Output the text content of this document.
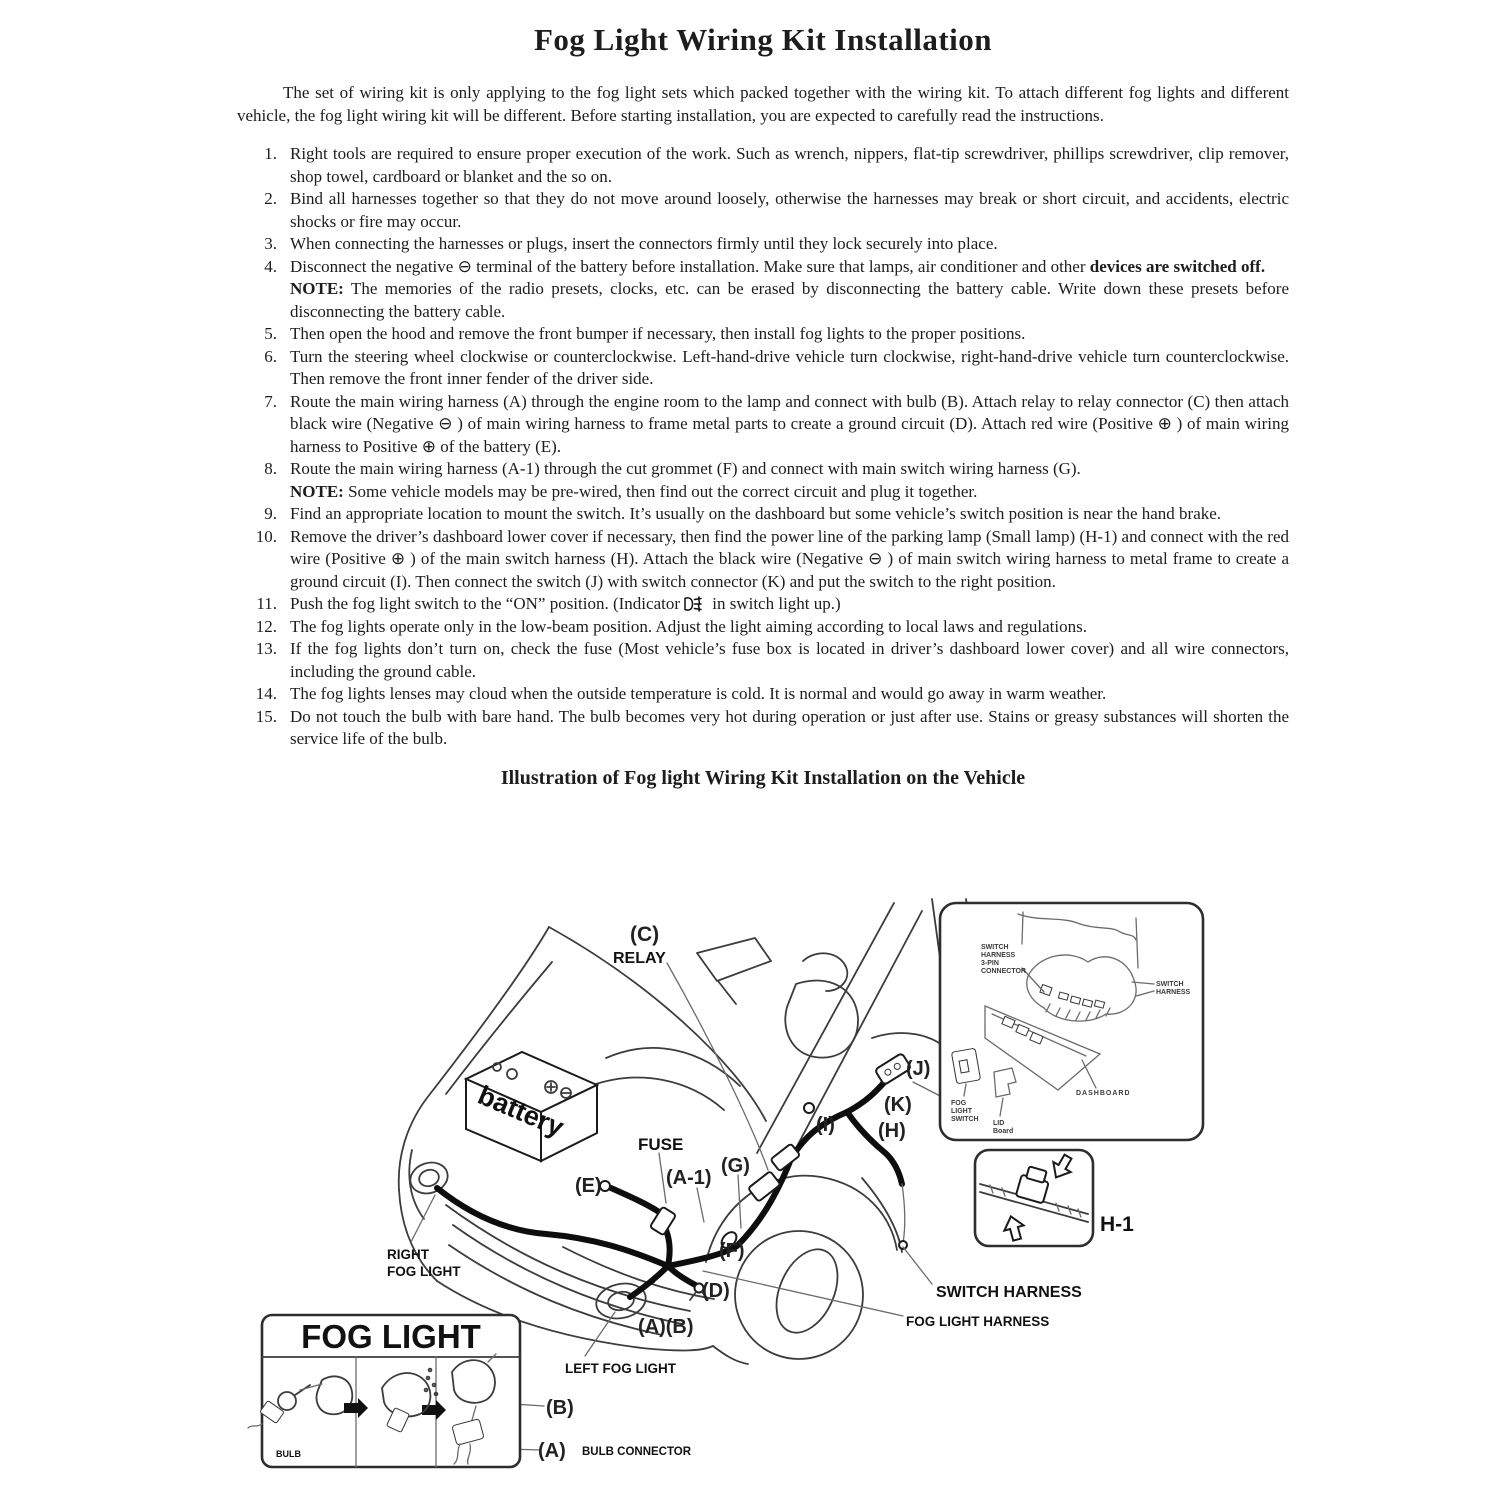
Fog Light Wiring Kit Installation

The set of wiring kit is only applying to the fog light sets which packed together with the wiring kit. To attach different fog lights and different vehicle, the fog light wiring kit will be different. Before starting installation, you are expected to carefully read the instructions.

1. Right tools are required to ensure proper execution of the work. Such as wrench, nippers, flat-tip screwdriver, phillips screwdriver, clip remover, shop towel, cardboard or blanket and the so on.
2. Bind all harnesses together so that they do not move around loosely, otherwise the harnesses may break or short circuit, and accidents, electric shocks or fire may occur.
3. When connecting the harnesses or plugs, insert the connectors firmly until they lock securely into place.
4. Disconnect the negative ⊖ terminal of the battery before installation. Make sure that lamps, air conditioner and other devices are switched off.
NOTE: The memories of the radio presets, clocks, etc. can be erased by disconnecting the battery cable. Write down these presets before disconnecting the battery cable.
5. Then open the hood and remove the front bumper if necessary, then install fog lights to the proper positions.
6. Turn the steering wheel clockwise or counterclockwise. Left-hand-drive vehicle turn clockwise, right-hand-drive vehicle turn counterclockwise. Then remove the front inner fender of the driver side.
7. Route the main wiring harness (A) through the engine room to the lamp and connect with bulb (B). Attach relay to relay connector (C) then attach black wire (Negative ⊖ ) of main wiring harness to frame metal parts to create a ground circuit (D). Attach red wire (Positive ⊕ ) of main wiring harness to Positive ⊕ of the battery (E).
8. Route the main wiring harness (A-1) through the cut grommet (F) and connect with main switch wiring harness (G).
NOTE: Some vehicle models may be pre-wired, then find out the correct circuit and plug it together.
9. Find an appropriate location to mount the switch. It’s usually on the dashboard but some vehicle’s switch position is near the hand brake.
10. Remove the driver’s dashboard lower cover if necessary, then find the power line of the parking lamp (Small lamp) (H-1) and connect with the red wire (Positive ⊕ ) of the main switch harness (H). Attach the black wire (Negative ⊖ ) of main switch wiring harness to metal frame to create a ground circuit (I). Then connect the switch (J) with switch connector (K) and put the switch to the right position.
11. Push the fog light switch to the “ON” position. (Indicator in switch light up.)
12. The fog lights operate only in the low-beam position. Adjust the light aiming according to local laws and regulations.
13. If the fog lights don’t turn on, check the fuse (Most vehicle’s fuse box is located in driver’s dashboard lower cover) and all wire connectors, including the ground cable.
14. The fog lights lenses may cloud when the outside temperature is cold. It is normal and would go away in warm weather.
15. Do not touch the bulb with bare hand. The bulb becomes very hot during operation or just after use. Stains or greasy substances will shorten the service life of the bulb.
Illustration of Fog light Wiring Kit Installation on the Vehicle
battery
(C)
RELAY
FUSE
(E)	(A-1)
(G)
(F)
(D)
(A)(B)
(I)
(J)
(K)
(H)
H-1
RIGHT
FOG LIGHT
LEFT FOG LIGHT
SWITCH HARNESS
FOG LIGHT HARNESS
SWITCH
HARNESS
3-PIN
CONNECTOR
SWITCH
HARNESS
DASHBOARD
FOG
LIGHT
SWITCH
LID
Board
FOG LIGHT
BULB
(B)
(A) BULB CONNECTOR
